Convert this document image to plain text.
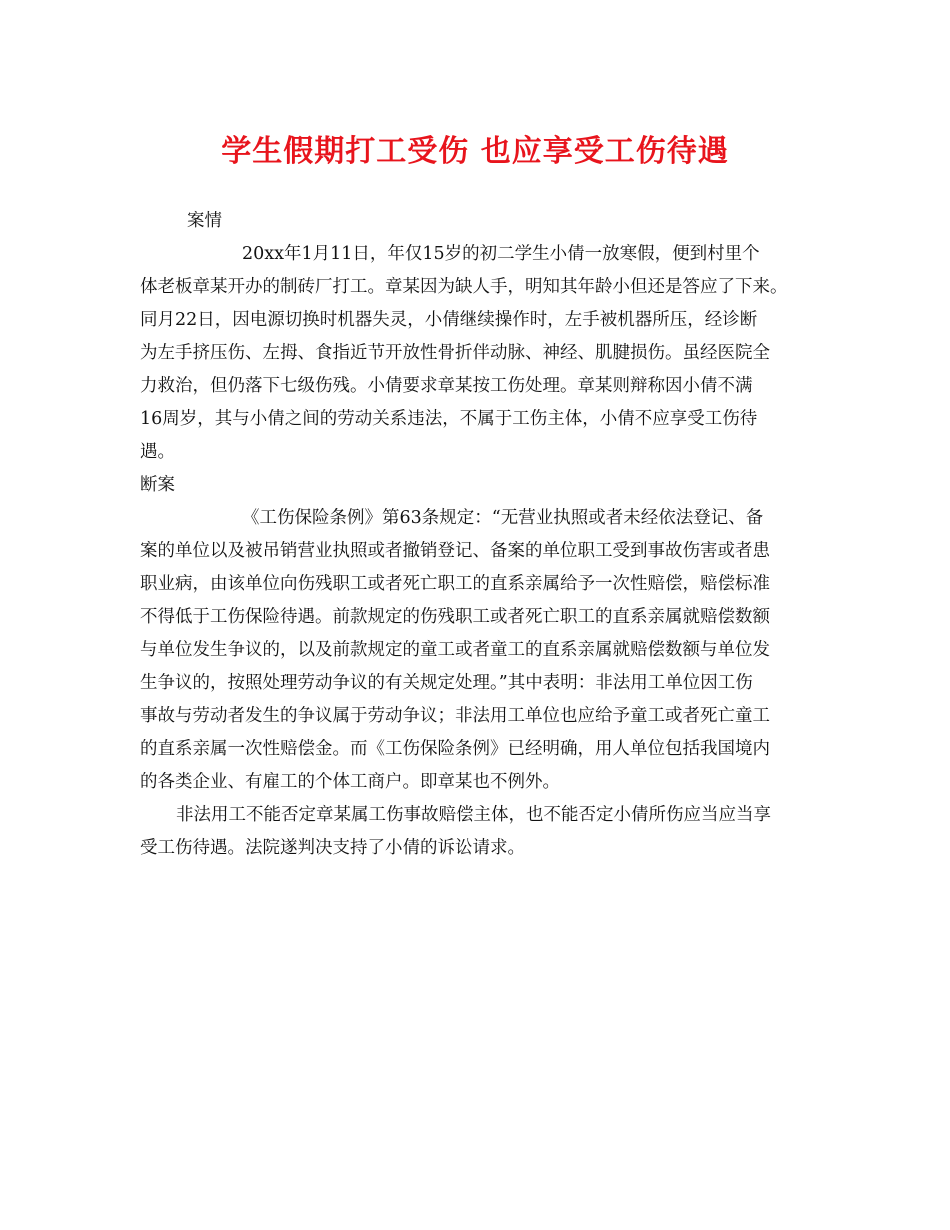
学生假期打工受伤 也应享受工伤待遇
案情
20xx年1月11日，年仅15岁的初二学生小倩一放寒假，便到村里个
体老板章某开办的制砖厂打工。章某因为缺人手，明知其年龄小但还是答应了下来。
同月22日，因电源切换时机器失灵，小倩继续操作时，左手被机器所压，经诊断
为左手挤压伤、左拇、食指近节开放性骨折伴动脉、神经、肌腱损伤。虽经医院全
力救治，但仍落下七级伤残。小倩要求章某按工伤处理。章某则辩称因小倩不满
16周岁，其与小倩之间的劳动关系违法，不属于工伤主体，小倩不应享受工伤待
遇。
断案
《工伤保险条例》第63条规定：“无营业执照或者未经依法登记、备
案的单位以及被吊销营业执照或者撤销登记、备案的单位职工受到事故伤害或者患
职业病，由该单位向伤残职工或者死亡职工的直系亲属给予一次性赔偿，赔偿标准
不得低于工伤保险待遇。前款规定的伤残职工或者死亡职工的直系亲属就赔偿数额
与单位发生争议的，以及前款规定的童工或者童工的直系亲属就赔偿数额与单位发
生争议的，按照处理劳动争议的有关规定处理。”其中表明：非法用工单位因工伤
事故与劳动者发生的争议属于劳动争议；非法用工单位也应给予童工或者死亡童工
的直系亲属一次性赔偿金。而《工伤保险条例》已经明确，用人单位包括我国境内
的各类企业、有雇工的个体工商户。即章某也不例外。
非法用工不能否定章某属工伤事故赔偿主体，也不能否定小倩所伤应当应当享
受工伤待遇。法院遂判决支持了小倩的诉讼请求。
